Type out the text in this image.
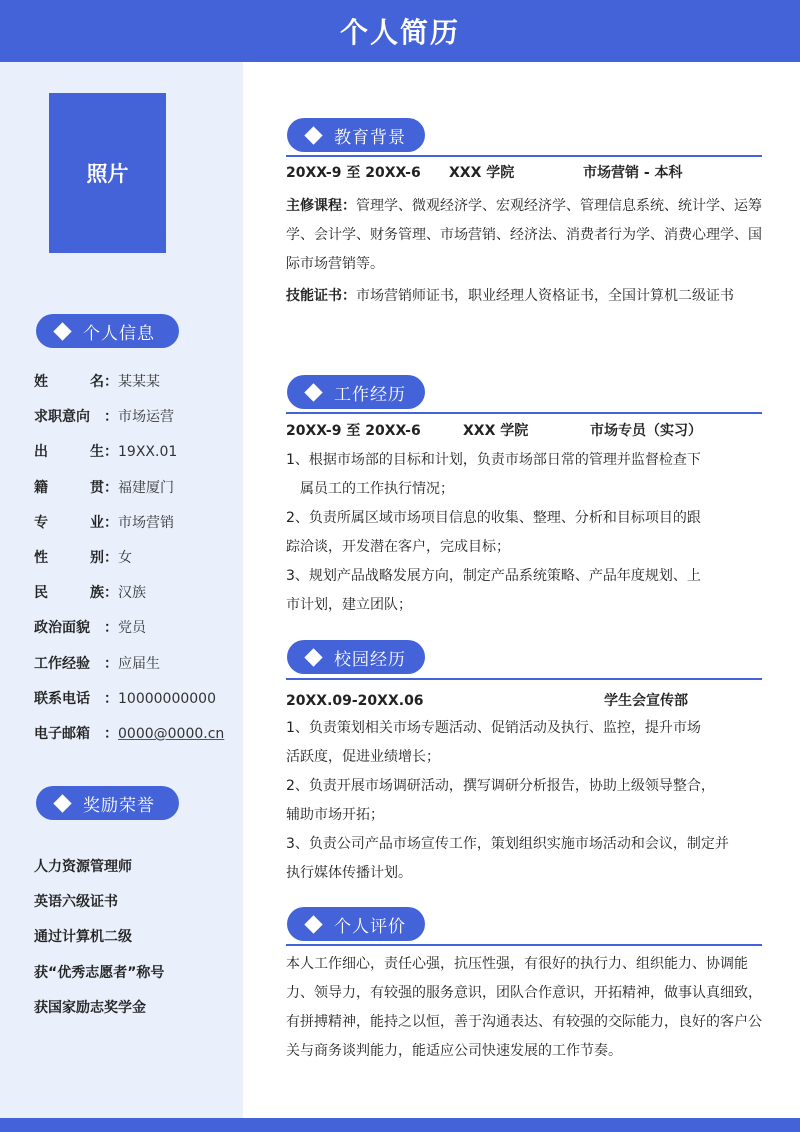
个人简历
照片
个人信息
姓	名 ： 某某某
求职意向 ： 市场运营
出	生 ： 19XX.01
籍	贯 ： 福建厦门
专	业 ： 市场营销
性	别 ： 女
民	族 ： 汉族
政治面貌 ： 党员
工作经验 ： 应届生
联系电话 ： 10000000000
电子邮箱 ： 0000@0000.cn
奖励荣誉
人力资源管理师
英语六级证书
通过计算机二级
获“优秀志愿者”称号
获国家励志奖学金
教育背景
20XX-9 至 20XX-6 XXX 学院	市场营销 - 本科
主修课程：管理学、微观经济学、宏观经济学、管理信息系统、统计学、运筹学、会计学、财务管理、市场营销、经济法、消费者行为学、消费心理学、国际市场营销等。
技能证书：市场营销师证书，职业经理人资格证书，全国计算机二级证书
工作经历
20XX-9 至 20XX-6	XXX 学院	市场专员（实习）
1、根据市场部的目标和计划，负责市场部日常的管理并监督检查下
属员工的工作执行情况；
2、负责所属区域市场项目信息的收集、整理、分析和目标项目的跟
踪洽谈，开发潜在客户，完成目标；
3、规划产品战略发展方向，制定产品系统策略、产品年度规划、上
市计划，建立团队；
校园经历
20XX.09-20XX.06	学生会宣传部
1、负责策划相关市场专题活动、促销活动及执行、监控，提升市场
活跃度，促进业绩增长；
2、负责开展市场调研活动，撰写调研分析报告，协助上级领导整合，
辅助市场开拓；
3、负责公司产品市场宣传工作，策划组织实施市场活动和会议，制定并
执行媒体传播计划。
个人评价
本人工作细心，责任心强，抗压性强，有很好的执行力、组织能力、协调能力、领导力，有较强的服务意识，团队合作意识，开拓精神，做事认真细致，有拼搏精神，能持之以恒，善于沟通表达、有较强的交际能力，良好的客户公关与商务谈判能力，能适应公司快速发展的工作节奏。
